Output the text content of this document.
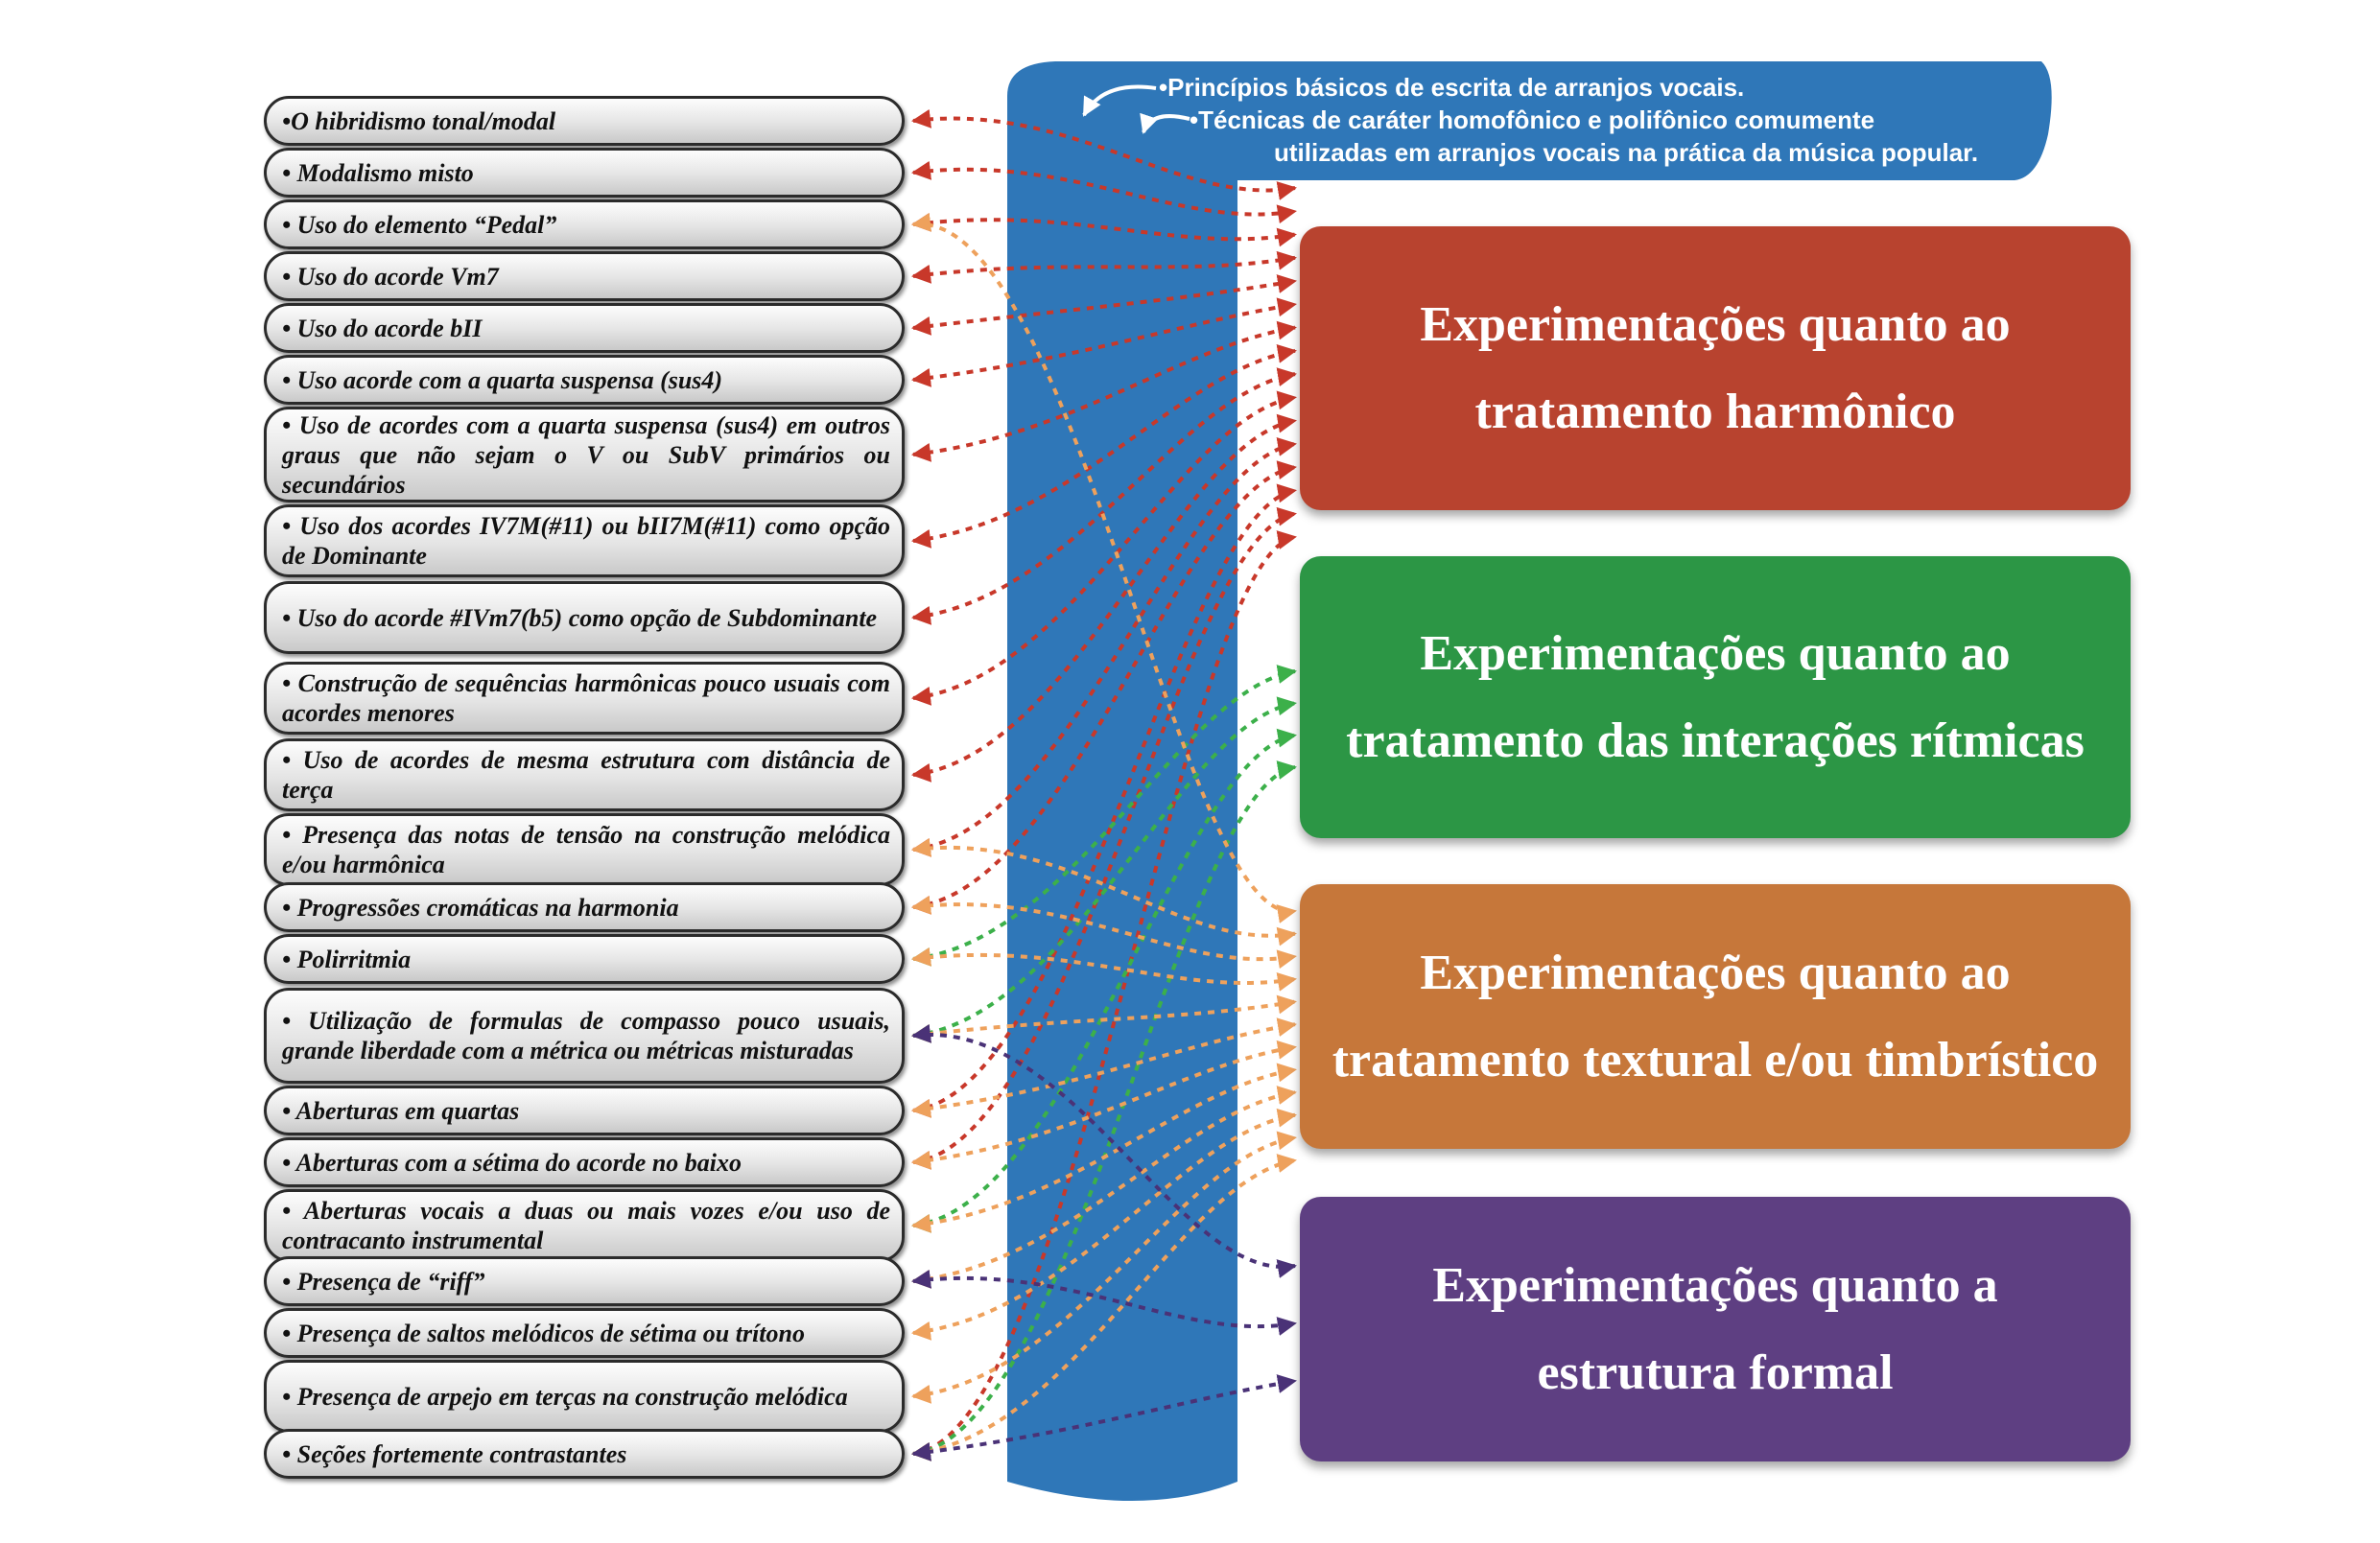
•Princípios básicos de escrita de arranjos vocais.
•Técnicas de caráter homofônico e polifônico comumente
utilizadas em arranjos vocais na prática da música popular.
•O hibridismo tonal/modal
• Modalismo misto
• Uso do elemento “Pedal”
• Uso do acorde Vm7
• Uso do acorde bII
• Uso acorde com a quarta suspensa (sus4)
• Uso de acordes com a quarta suspensa (sus4) em outros graus que não sejam o V ou SubV primários ou secundários
• Uso dos acordes IV7M(#11) ou bII7M(#11) como opção de Dominante
• Uso do acorde #IVm7(b5) como opção de Subdominante
• Construção de sequências harmônicas pouco usuais com acordes menores
• Uso de acordes de mesma estrutura com distância de terça
• Presença das notas de tensão na construção melódica e/ou harmônica
• Progressões cromáticas na harmonia
• Polirritmia
• Utilização de formulas de compasso pouco usuais, grande liberdade com a métrica ou métricas misturadas
• Aberturas em quartas
• Aberturas com a sétima do acorde no baixo
• Aberturas vocais a duas ou mais vozes e/ou uso de contracanto instrumental
• Presença de “riff”
• Presença de saltos melódicos de sétima ou trítono
• Presença de arpejo em terças na construção melódica
• Seções fortemente contrastantes
Experimentações quanto ao
tratamento harmônico
Experimentações quanto ao
tratamento das interações rítmicas
Experimentações quanto ao
tratamento textural e/ou timbrístico
Experimentações quanto a
estrutura formal
